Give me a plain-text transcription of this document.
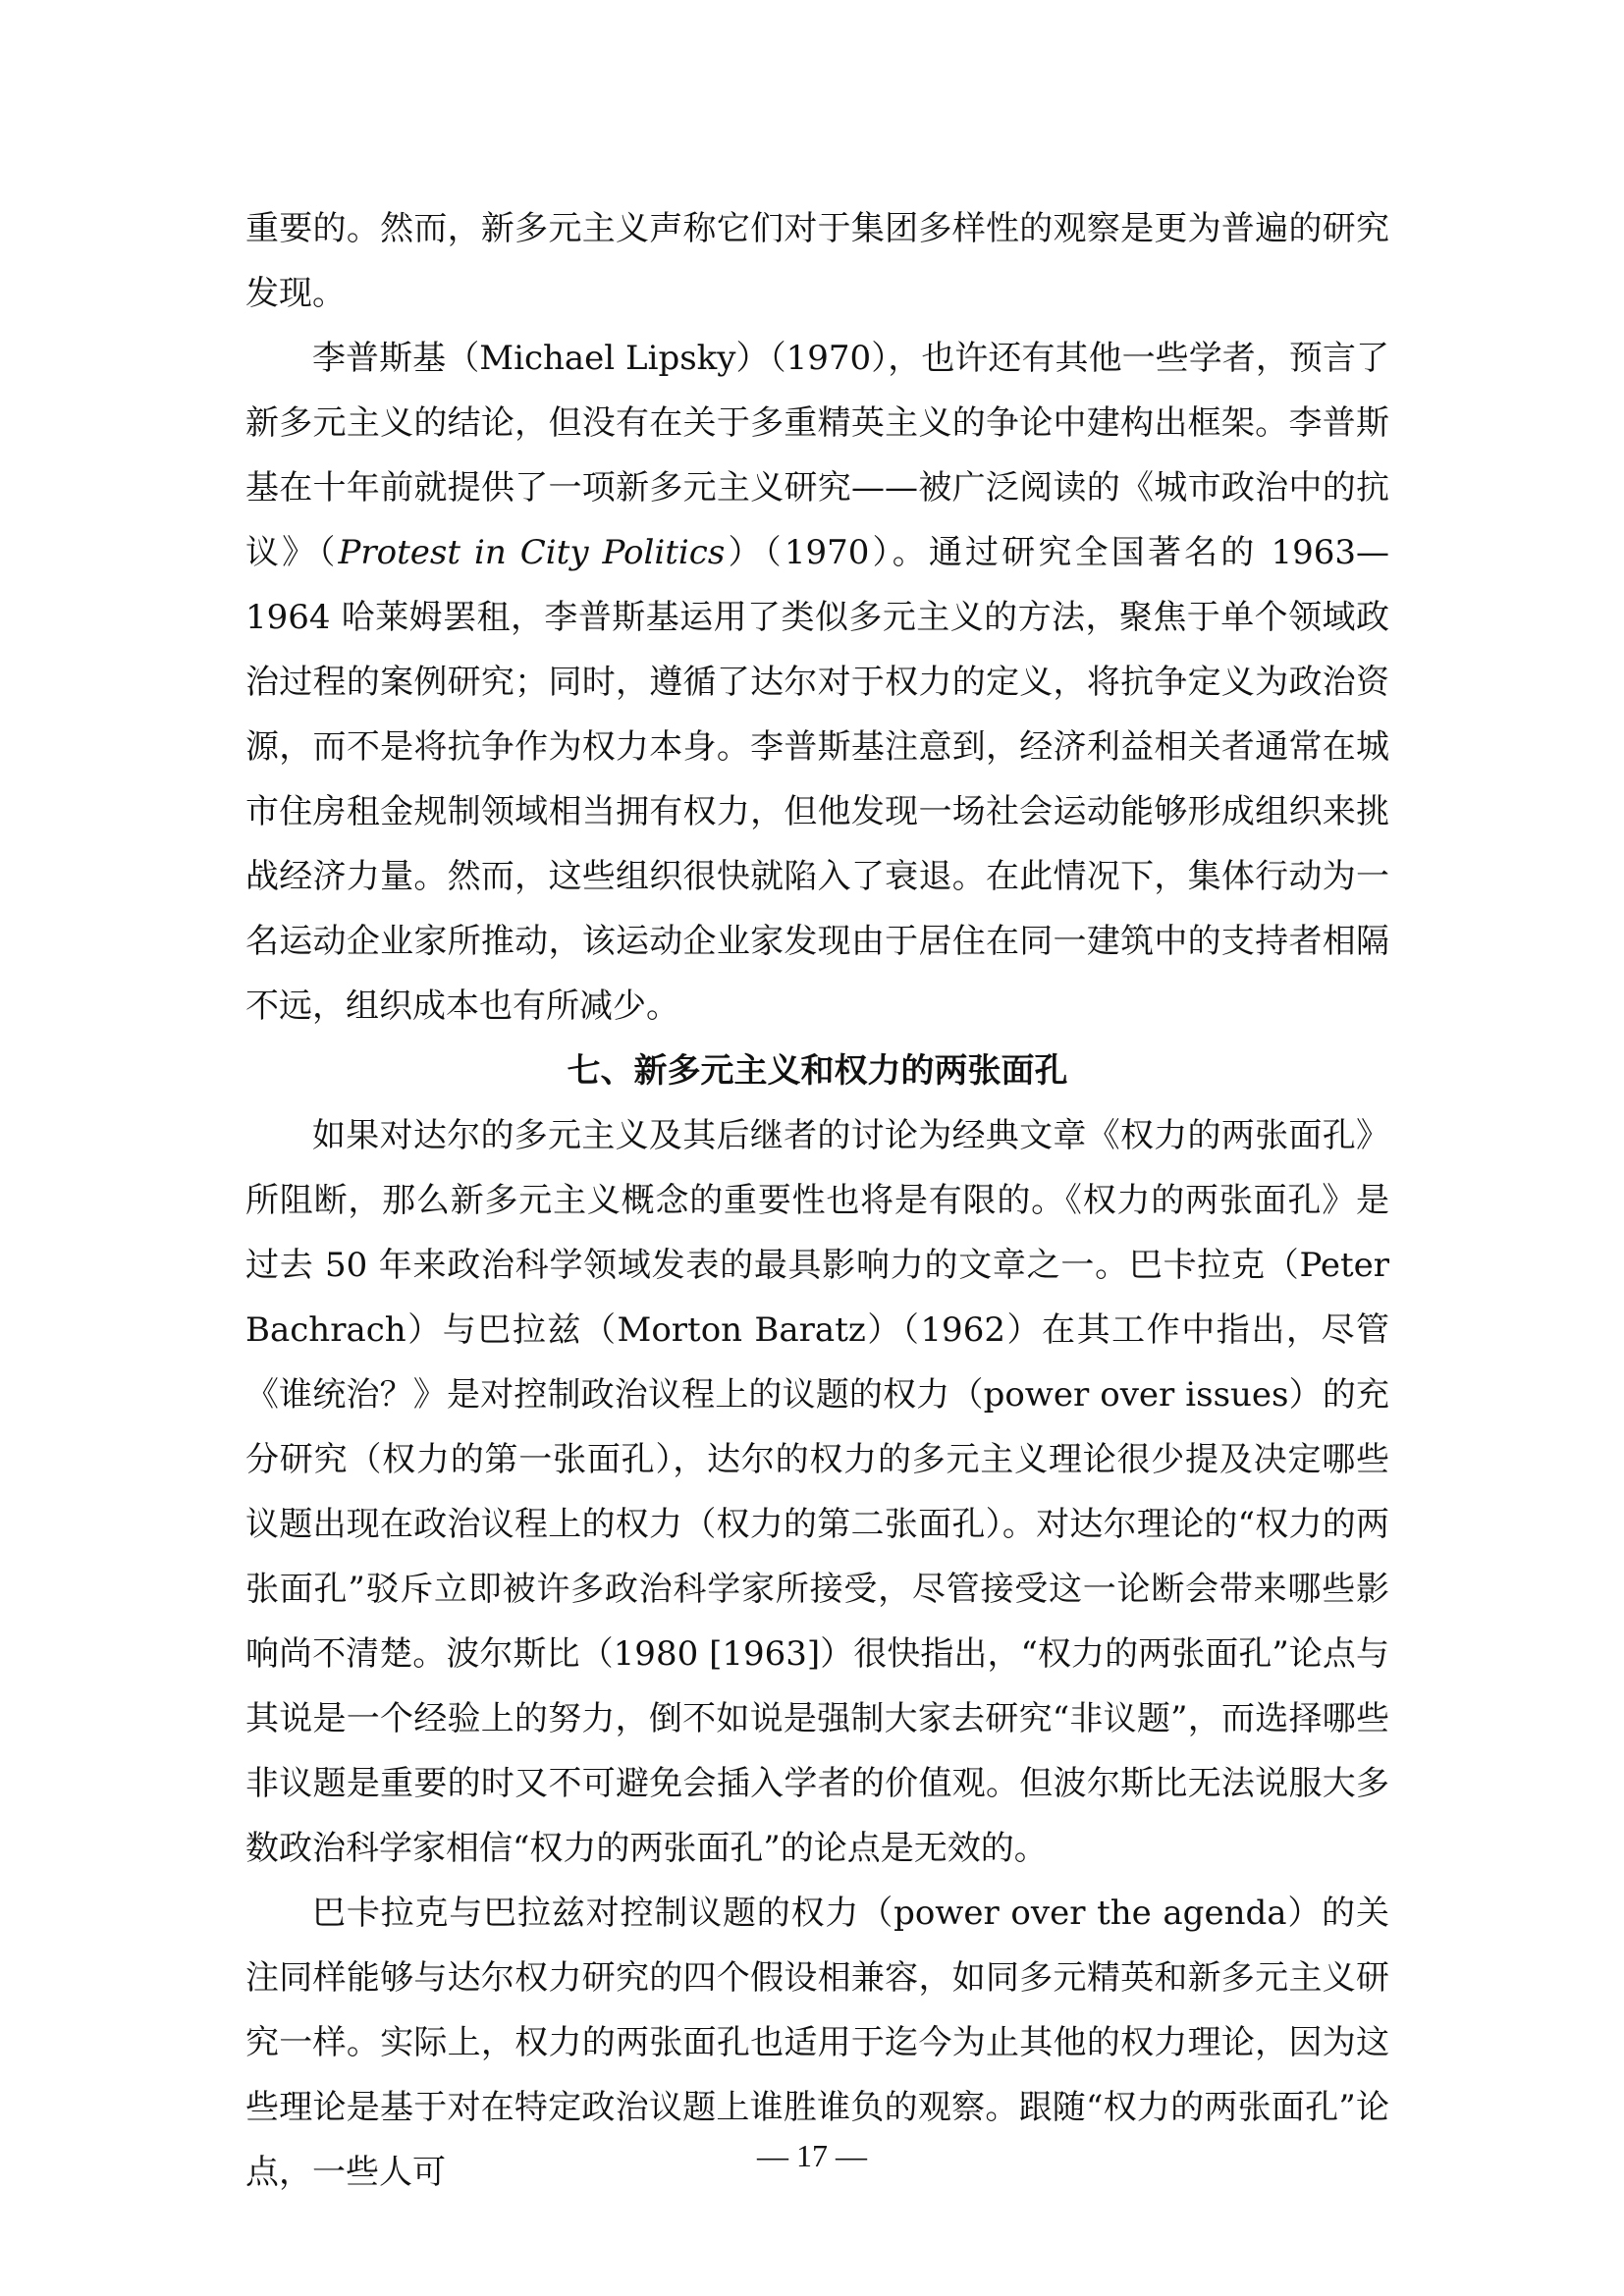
重要的。然而，新多元主义声称它们对于集团多样性的观察是更为普遍的研究发现。

李普斯基（Michael Lipsky）（1970），也许还有其他一些学者，预言了新多元主义的结论，但没有在关于多重精英主义的争论中建构出框架。李普斯基在十年前就提供了一项新多元主义研究——被广泛阅读的《城市政治中的抗议》（Protest in City Politics）（1970）。通过研究全国著名的 1963—1964 哈莱姆罢租，李普斯基运用了类似多元主义的方法，聚焦于单个领域政治过程的案例研究；同时，遵循了达尔对于权力的定义，将抗争定义为政治资源，而不是将抗争作为权力本身。李普斯基注意到，经济利益相关者通常在城市住房租金规制领域相当拥有权力，但他发现一场社会运动能够形成组织来挑战经济力量。然而，这些组织很快就陷入了衰退。在此情况下，集体行动为一名运动企业家所推动，该运动企业家发现由于居住在同一建筑中的支持者相隔不远，组织成本也有所减少。

七、新多元主义和权力的两张面孔

如果对达尔的多元主义及其后继者的讨论为经典文章《权力的两张面孔》所阻断，那么新多元主义概念的重要性也将是有限的。《权力的两张面孔》是过去 50 年来政治科学领域发表的最具影响力的文章之一。巴卡拉克（Peter Bachrach）与巴拉兹（Morton Baratz）（1962）在其工作中指出，尽管《谁统治？》是对控制政治议程上的议题的权力（power over issues）的充分研究（权力的第一张面孔），达尔的权力的多元主义理论很少提及决定哪些议题出现在政治议程上的权力（权力的第二张面孔）。对达尔理论的“权力的两张面孔”驳斥立即被许多政治科学家所接受，尽管接受这一论断会带来哪些影响尚不清楚。波尔斯比（1980 [1963]）很快指出，“权力的两张面孔”论点与其说是一个经验上的努力，倒不如说是强制大家去研究“非议题”，而选择哪些非议题是重要的时又不可避免会插入学者的价值观。但波尔斯比无法说服大多数政治科学家相信“权力的两张面孔”的论点是无效的。

巴卡拉克与巴拉兹对控制议题的权力（power over the agenda）的关注同样能够与达尔权力研究的四个假设相兼容，如同多元精英和新多元主义研究一样。实际上，权力的两张面孔也适用于迄今为止其他的权力理论，因为这些理论是基于对在特定政治议题上谁胜谁负的观察。跟随“权力的两张面孔”论点，一些人可	— 17 —
